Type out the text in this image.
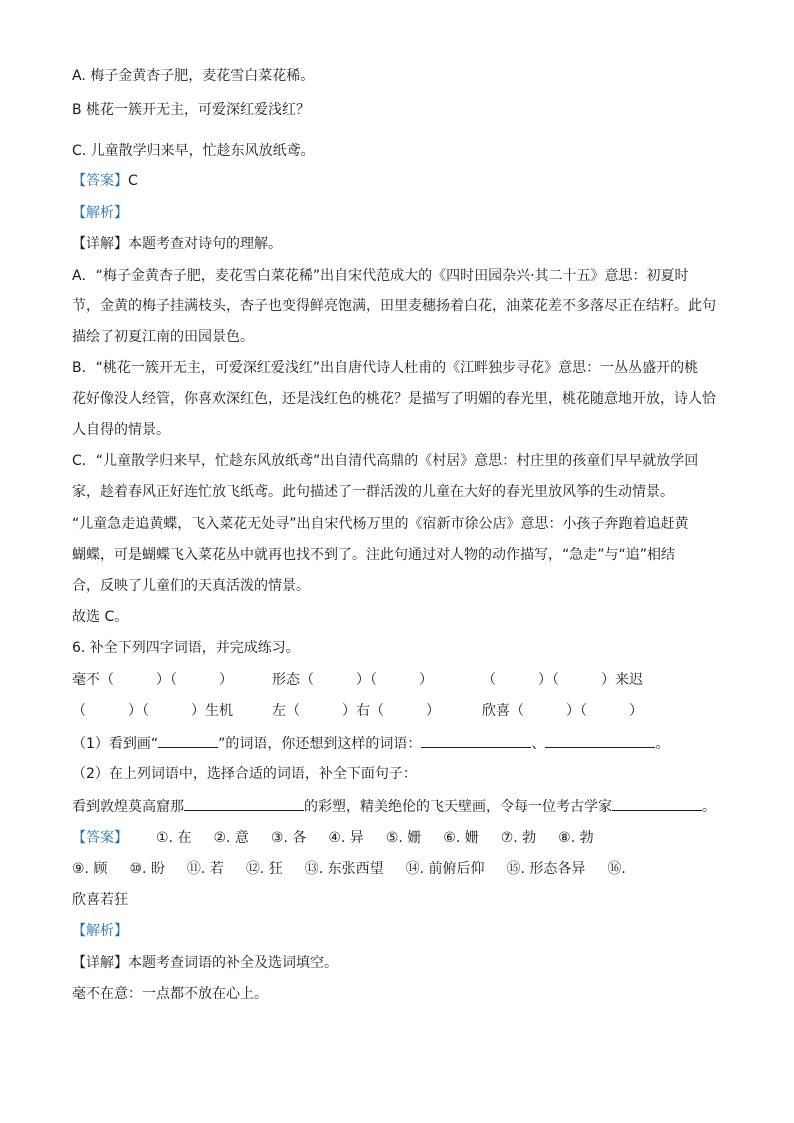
A. 梅子金黄杏子肥，麦花雪白菜花稀。
B 桃花一簇开无主，可爱深红爱浅红？
C. 儿童散学归来早，忙趁东风放纸鸢。
【答案】C
【解析】
【详解】本题考查对诗句的理解。
A．“梅子金黄杏子肥，麦花雪白菜花稀”出自宋代范成大的《四时田园杂兴·其二十五》意思：初夏时
节，金黄的梅子挂满枝头，杏子也变得鲜亮饱满，田里麦穗扬着白花，油菜花差不多落尽正在结籽。此句
描绘了初夏江南的田园景色。
B．“桃花一簇开无主，可爱深红爱浅红”出自唐代诗人杜甫的《江畔独步寻花》意思：一丛丛盛开的桃
花好像没人经管，你喜欢深红色，还是浅红色的桃花？是描写了明媚的春光里，桃花随意地开放，诗人恰
人自得的情景。
C．“儿童散学归来早，忙趁东风放纸鸢”出自清代高鼎的《村居》意思：村庄里的孩童们早早就放学回
家，趁着春风正好连忙放飞纸鸢。此句描述了一群活泼的儿童在大好的春光里放风筝的生动情景。
“儿童急走追黄蝶，飞入菜花无处寻”出自宋代杨万里的《宿新市徐公店》意思：小孩子奔跑着追赶黄
蝴蝶，可是蝴蝶飞入菜花丛中就再也找不到了。注此句通过对人物的动作描写，“急走”与“追”相结
合，反映了儿童们的天真活泼的情景。
故选 C。
6. 补全下列四字词语，并完成练习。
毫不（　　　）（　　　）	形态（　　　）（　　　）	（　　　）（　　　）来迟
（　　　）（　　　）生机	左（　　　）右（　　　）	欣喜（　　　）（　　　）
（1）看到画“	”的词语，你还想到这样的词语：	、	。
（2）在上列词语中，选择合适的词语，补全下面句子：
看到敦煌莫高窟那	的彩塑，精美绝伦的飞天壁画，令每一位考古学家	。
【答案】 ①. 在 ②. 意 ③. 各 ④. 异 ⑤. 姗 ⑥. 姗 ⑦. 勃 ⑧. 勃
⑨. 顾 ⑩. 盼 ⑪. 若 ⑫. 狂 ⑬. 东张西望 ⑭. 前俯后仰 ⑮. 形态各异 ⑯.
欣喜若狂
【解析】
【详解】本题考查词语的补全及选词填空。
毫不在意：一点都不放在心上。
